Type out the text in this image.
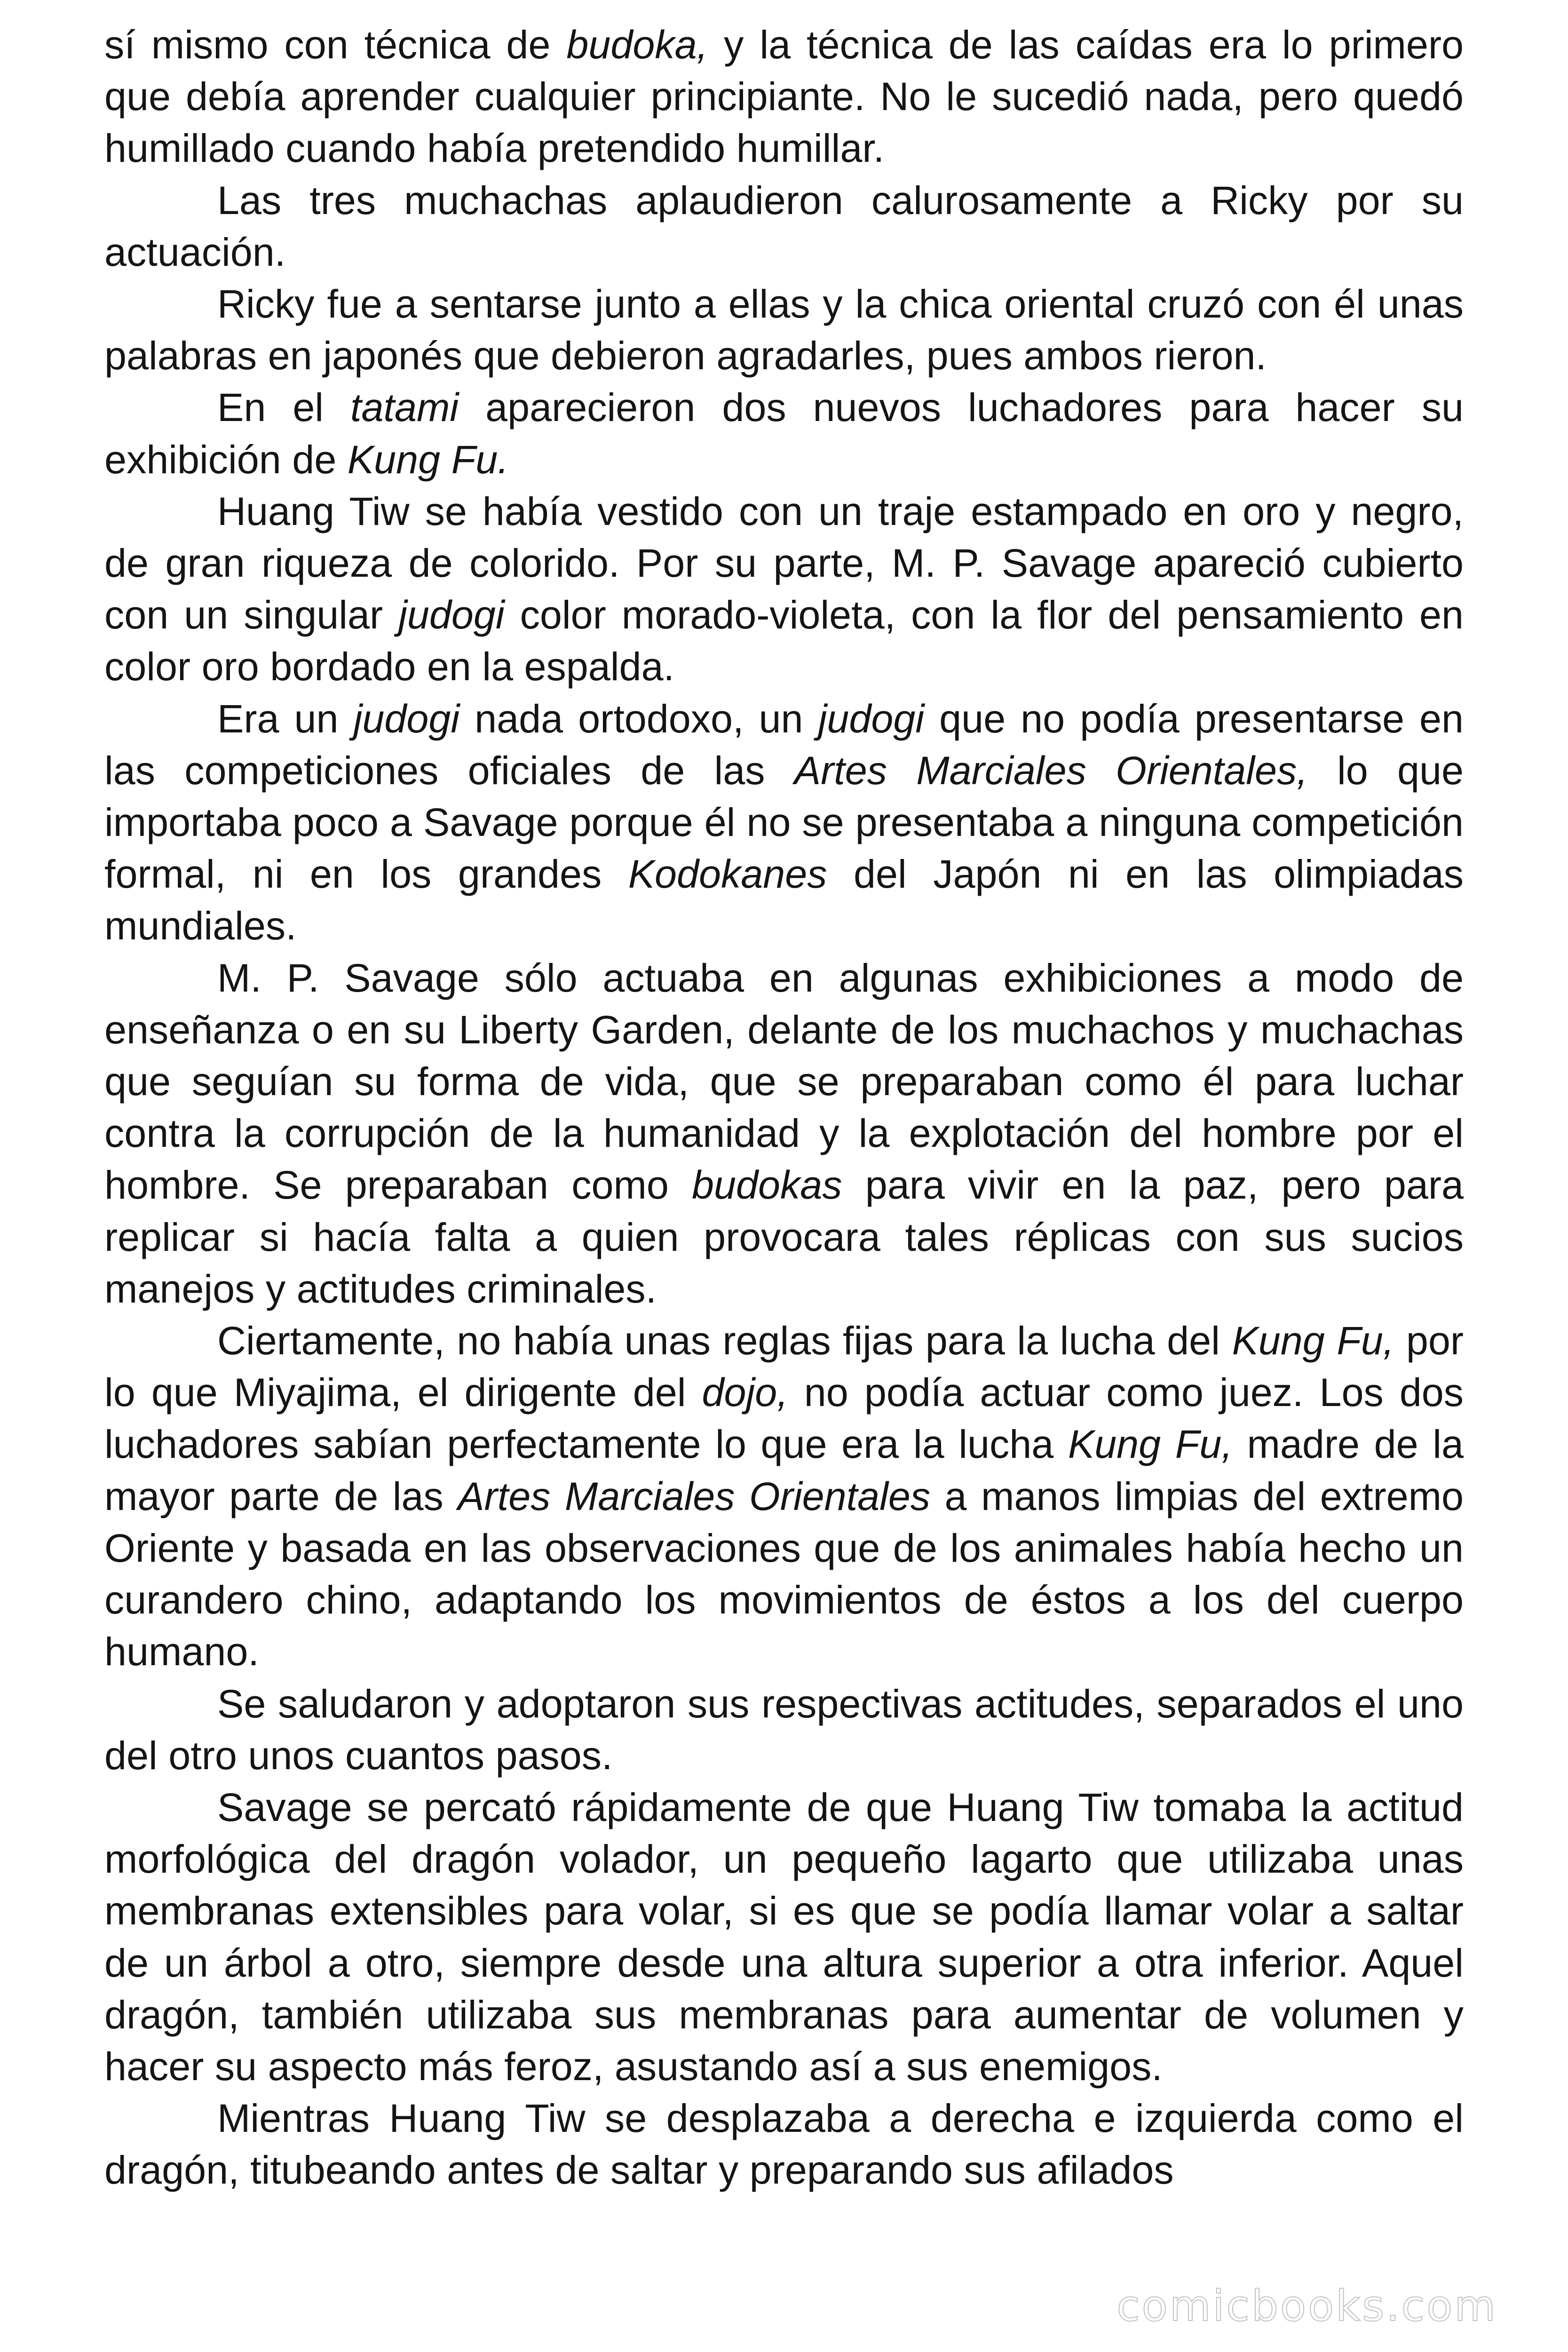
sí mismo con técnica de budoka, y la técnica de las caídas era lo primero que debía aprender cualquier principiante. No le sucedió nada, pero quedó humillado cuando había pretendido humillar.

Las tres muchachas aplaudieron calurosamente a Ricky por su actuación.

Ricky fue a sentarse junto a ellas y la chica oriental cruzó con él unas palabras en japonés que debieron agradarles, pues ambos rieron.

En el tatami aparecieron dos nuevos luchadores para hacer su exhibición de Kung Fu.

Huang Tiw se había vestido con un traje estampado en oro y negro, de gran riqueza de colorido. Por su parte, M. P. Savage apareció cubierto con un singular judogi color morado-violeta, con la flor del pensamiento en color oro bordado en la espalda.

Era un judogi nada ortodoxo, un judogi que no podía presentarse en las competiciones oficiales de las Artes Marciales Orientales, lo que importaba poco a Savage porque él no se presentaba a ninguna competición formal, ni en los grandes Kodokanes del Japón ni en las olimpiadas mundiales.

M. P. Savage sólo actuaba en algunas exhibiciones a modo de enseñanza o en su Liberty Garden, delante de los muchachos y muchachas que seguían su forma de vida, que se preparaban como él para luchar contra la corrupción de la humanidad y la explotación del hombre por el hombre. Se preparaban como budokas para vivir en la paz, pero para replicar si hacía falta a quien provocara tales réplicas con sus sucios manejos y actitudes criminales.

Ciertamente, no había unas reglas fijas para la lucha del Kung Fu, por lo que Miyajima, el dirigente del dojo, no podía actuar como juez. Los dos luchadores sabían perfectamente lo que era la lucha Kung Fu, madre de la mayor parte de las Artes Marciales Orientales a manos limpias del extremo Oriente y basada en las observaciones que de los animales había hecho un curandero chino, adaptando los movimientos de éstos a los del cuerpo humano.

Se saludaron y adoptaron sus respectivas actitudes, separados el uno del otro unos cuantos pasos.

Savage se percató rápidamente de que Huang Tiw tomaba la actitud morfológica del dragón volador, un pequeño lagarto que utilizaba unas membranas extensibles para volar, si es que se podía llamar volar a saltar de un árbol a otro, siempre desde una altura superior a otra inferior. Aquel dragón, también utilizaba sus membranas para aumentar de volumen y hacer su aspecto más feroz, asustando así a sus enemigos.

Mientras Huang Tiw se desplazaba a derecha e izquierda como el dragón, titubeando antes de saltar y preparando sus afilados

comicbooks.com
